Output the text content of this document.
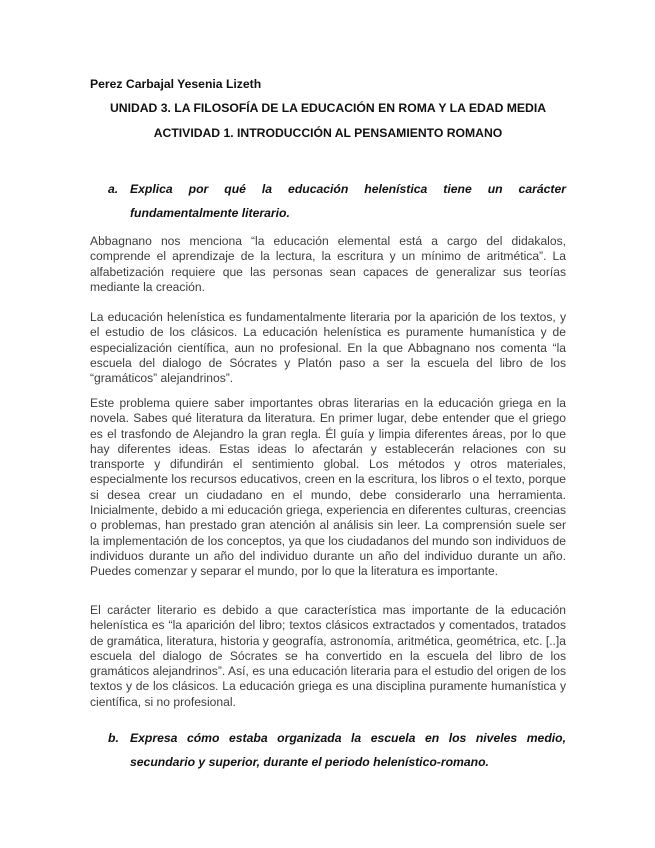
Perez Carbajal Yesenia Lizeth
UNIDAD 3. LA FILOSOFÍA DE LA EDUCACIÓN EN ROMA Y LA EDAD MEDIA
ACTIVIDAD 1. INTRODUCCIÓN AL PENSAMIENTO ROMANO
a. Explica por qué la educación helenística tiene un carácter fundamentalmente literario.

Abbagnano nos menciona “la educación elemental está a cargo del didakalos, comprende el aprendizaje de la lectura, la escritura y un mínimo de aritmética”. La alfabetización requiere que las personas sean capaces de generalizar sus teorías mediante la creación.

La educación helenística es fundamentalmente literaria por la aparición de los textos, y el estudio de los clásicos. La educación helenística es puramente humanística y de especialización científica, aun no profesional. En la que Abbagnano nos comenta “la escuela del dialogo de Sócrates y Platón paso a ser la escuela del libro de los “gramáticos” alejandrinos”.

Este problema quiere saber importantes obras literarias en la educación griega en la novela. Sabes qué literatura da literatura. En primer lugar, debe entender que el griego es el trasfondo de Alejandro la gran regla. Él guía y limpia diferentes áreas, por lo que hay diferentes ideas. Estas ideas lo afectarán y establecerán relaciones con su transporte y difundirán el sentimiento global. Los métodos y otros materiales, especialmente los recursos educativos, creen en la escritura, los libros o el texto, porque si desea crear un ciudadano en el mundo, debe considerarlo una herramienta. Inicialmente, debido a mi educación griega, experiencia en diferentes culturas, creencias o problemas, han prestado gran atención al análisis sin leer. La comprensión suele ser la implementación de los conceptos, ya que los ciudadanos del mundo son individuos de individuos durante un año del individuo durante un año del individuo durante un año. Puedes comenzar y separar el mundo, por lo que la literatura es importante.

El carácter literario es debido a que característica mas importante de la educación helenística es “la aparición del libro; textos clásicos extractados y comentados, tratados de gramática, literatura, historia y geografía, astronomía, aritmética, geométrica, etc. [..]a escuela del dialogo de Sócrates se ha convertido en la escuela del libro de los gramáticos alejandrinos”. Así, es una educación literaria para el estudio del origen de los textos y de los clásicos. La educación griega es una disciplina puramente humanística y científica, si no profesional.

b. Expresa cómo estaba organizada la escuela en los niveles medio, secundario y superior, durante el periodo helenístico-romano.
